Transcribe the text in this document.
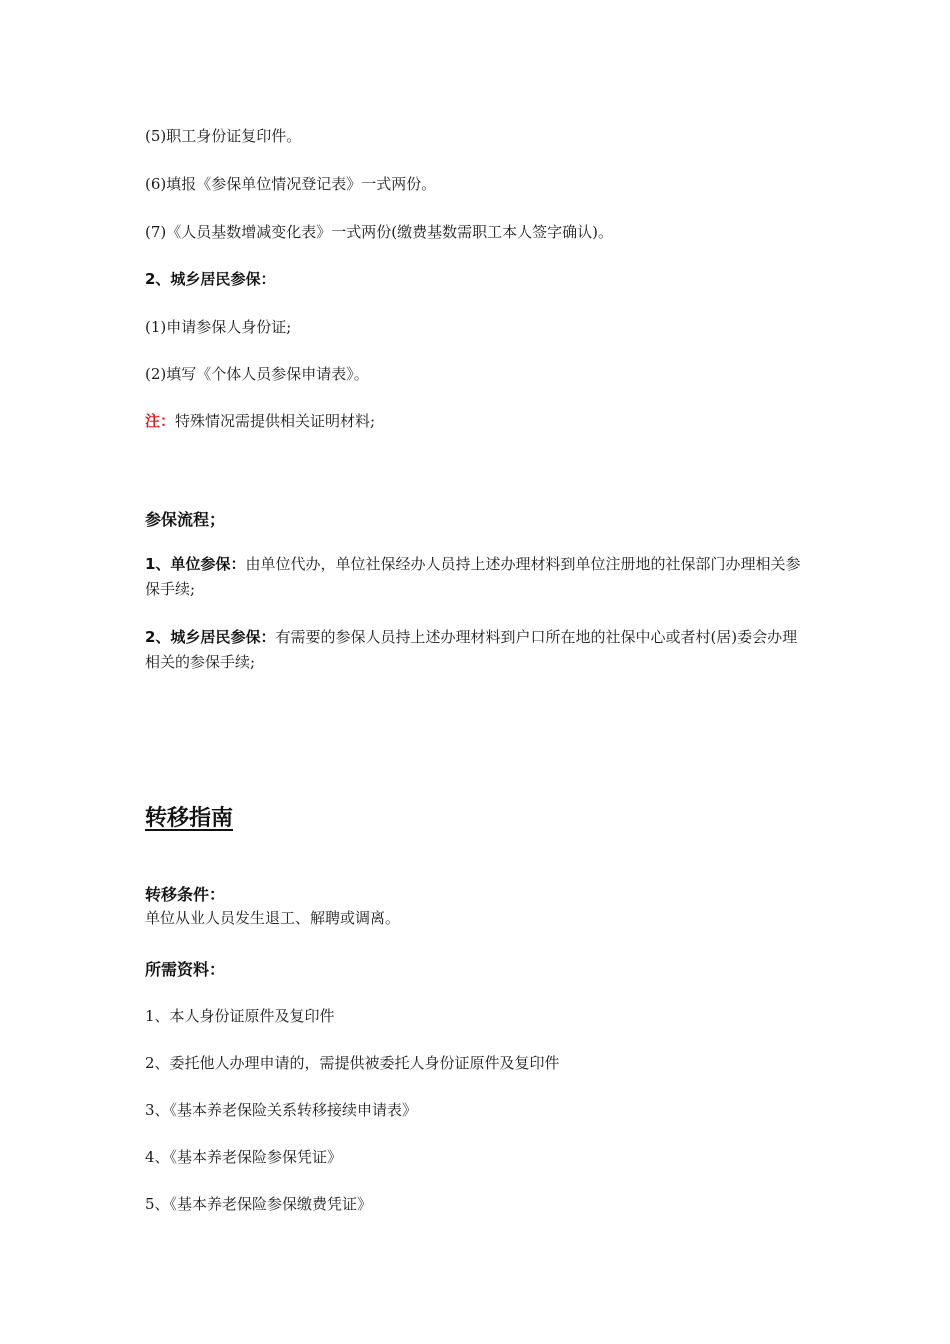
(5)职工身份证复印件。
(6)填报《参保单位情况登记表》一式两份。
(7)《人员基数增减变化表》一式两份(缴费基数需职工本人签字确认)。
2、城乡居民参保：
(1)申请参保人身份证;
(2)填写《个体人员参保申请表》。
注：特殊情况需提供相关证明材料;
参保流程；
1、单位参保：由单位代办，单位社保经办人员持上述办理材料到单位注册地的社保部门办理相关参保手续;
2、城乡居民参保：有需要的参保人员持上述办理材料到户口所在地的社保中心或者村(居)委会办理相关的参保手续;
转移指南
转移条件：
单位从业人员发生退工、解聘或调离。
所需资料：
1、本人身份证原件及复印件
2、委托他人办理申请的，需提供被委托人身份证原件及复印件
3、《基本养老保险关系转移接续申请表》
4、《基本养老保险参保凭证》
5、《基本养老保险参保缴费凭证》
